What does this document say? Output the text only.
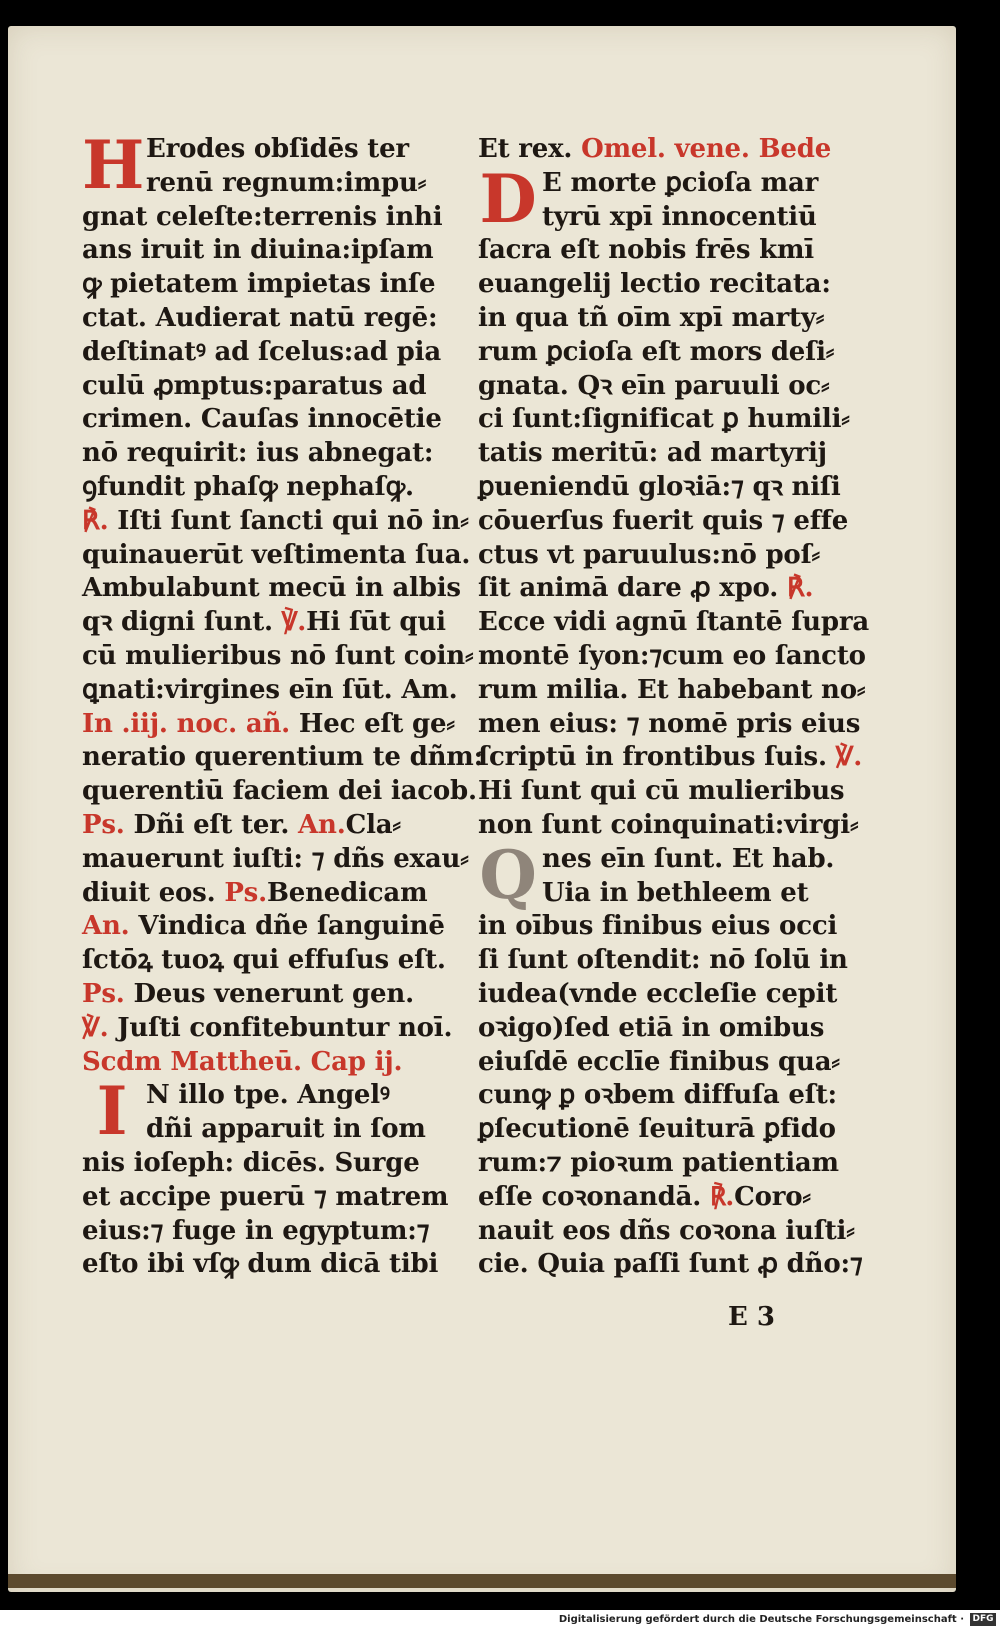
H Erodes obſidēs ter
renū regnum:impu⸗
gnat celeſte:terrenis inhi
ans iruit in diuina:ipſam
ꝙ pietatem impietas inſe
ctat. Audierat natū regē:
deſtinatꝰ ad ſcelus:ad pia
culū ꝓmptus:paratus ad
crimen. Cauſas innocētie
nō requirit: ius abnegat:
ꝯfundit phaſꝙ nephaſꝙ.
℟. Iſti ſunt ſancti qui nō in⸗
quinauerūt veſtimenta ſua.
Ambulabunt mecū in albis
qꝛ digni ſunt. ℣.Hi ſūt qui
cū mulieribus nō ſunt coin⸗
ꝗnati:virgines eīn ſūt. Am.
In .iij. noc. añ. Hec eſt ge⸗
neratio querentium te dñm:
querentiū faciem dei iacob.
Ps. Dñi eſt ter. An.Cla⸗
mauerunt iuſti: ⁊ dñs exau⸗
diuit eos. Ps.Benedicam
An. Vindica dñe ſanguinē
ſctōꝝ tuoꝝ qui effuſus eſt.
Ps. Deus venerunt gen.
℣. Juſti confitebuntur noī.
Scdm Mattheū. Cap ij.
I N illo tpe. Angelꝰ
dñi apparuit in ſom
nis ioſeph: dicēs. Surge
et accipe puerū ⁊ matrem
eius:⁊ fuge in egyptum:⁊
eſto ibi vſꝙ dum dicā tibi
Et rex. Omel. vene. Bede
D E morte ꝑcioſa mar
tyrū xpī innocentiū
ſacra eſt nobis frēs kmī
euangelij lectio recitata:
in qua tñ oīm xpī marty⸗
rum ꝑcioſa eſt mors deſi⸗
gnata. Qꝛ eīn paruuli oc⸗
ci ſunt:ſignificat ꝑ humili⸗
tatis meritū: ad martyrij
ꝑueniendū gloꝛiā:⁊ qꝛ niſi
cōuerſus fuerit quis ⁊ effe
ctus vt paruulus:nō poſ⸗
ſit animā dare ꝓ xpo. ℟.
Ecce vidi agnū ſtantē ſupra
montē ſyon:⁊cum eo ſancto
rum milia. Et habebant no⸗
men eius: ⁊ nomē pris eius
ſcriptū in frontibus ſuis. ℣.
Hi ſunt qui cū mulieribus
non ſunt coinquinati:virgi⸗
Q nes eīn ſunt. Et hab.
Uia in bethleem et
in oībus finibus eius occi
ſi ſunt oſtendit: nō ſolū in
iudea(vnde eccleſie cepit
oꝛigo)ſed etiā in omibus
eiuſdē ecclīe finibus qua⸗
cunꝙ ꝑ oꝛbem diffuſa eſt:
ꝑſecutionē ſeuiturā ꝑfido
rum:⁊ pioꝛum patientiam
eſſe coꝛonandā. ℟.Coro⸗
nauit eos dñs coꝛona iuſti⸗
cie. Quia paſſi ſunt ꝓ dño:⁊
E 3
Digitalisierung gefördert durch die Deutsche Forschungsgemeinschaft · DFG
